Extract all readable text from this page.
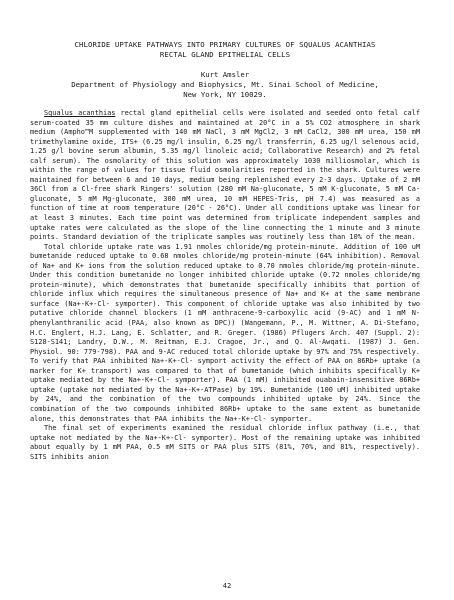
CHLORIDE UPTAKE PATHWAYS INTO PRIMARY CULTURES OF SQUALUS ACANTHIAS

RECTAL GLAND EPITHELIAL CELLS

Kurt Amsler
Department of Physiology and Biophysics, Mt. Sinai School of Medicine,
New York, NY 10029.

Squalus acanthias rectal gland epithelial cells were isolated and seeded onto fetal calf serum-coated 35 mm culture dishes and maintained at 20°C in a 5% CO2 atmosphere in shark medium (Ampho™M supplemented with 140 mM NaCl, 3 mM MgCl2, 3 mM CaCl2, 300 mM urea, 150 mM trimethylamine oxide, ITS+ (6.25 mg/l insulin, 6.25 mg/l transferrin, 6.25 ug/l selenous acid, 1.25 g/l bovine serum albumin, 5.35 mg/l linoleic acid; Collaborative Research) and 2% fetal calf serum). The osmolarity of this solution was approximately 1030 milliosmolar, which is within the range of values for tissue fluid osmolarities reported in the shark. Cultures were maintained for between 6 and 10 days, medium being replenished every 2-3 days. Uptake of 2 mM 36Cl from a Cl-free shark Ringers' solution (280 mM Na-gluconate, 5 mM K-gluconate, 5 mM Ca-gluconate, 5 mM Mg-gluconate, 300 mM urea, 10 mM HEPES-Tris, pH 7.4) was measured as a function of time at room temperature (20°C - 26°C). Under all conditions uptake was linear for at least 3 minutes. Each time point was determined from triplicate independent samples and uptake rates were calculated as the slope of the line connecting the 1 minute and 3 minute points. Standard deviation of the triplicate samples was routinely less than 10% of the mean.

Total chloride uptake rate was 1.91 nmoles chloride/mg protein-minute. Addition of 100 uM bumetanide reduced uptake to 0.68 nmoles chloride/mg protein-minute (64% inhibition). Removal of Na+ and K+ ions from the solution reduced uptake to 0.70 nmoles chloride/mg protein-minute. Under this condition bumetanide no longer inhibited chloride uptake (0.72 nmoles chloride/mg protein-minute), which demonstrates that bumetanide specifically inhibits that portion of chloride influx which requires the simultaneous presence of Na+ and K+ at the same membrane surface (Na+-K+-Cl- symporter). This component of chloride uptake was also inhibited by two putative chloride channel blockers (1 mM anthracene-9-carboxylic acid (9-AC) and 1 mM N-phenylanthranilic acid (PAA, also known as DPC)) (Wangemann, P., M. Wittner, A. Di-Stefano, H.C. Englert, H.J. Lang, E. Schlatter, and R. Greger. (1986) Pflugers Arch. 407 (Suppl. 2): S128-S141; Landry, D.W., M. Reitman, E.J. Cragoe, Jr., and Q. Al-Awqati. (1987) J. Gen. Physiol. 90: 779-798). PAA and 9-AC reduced total chloride uptake by 97% and 75% respectively. To verify that PAA inhibited Na+-K+-Cl- symport activity the effect of PAA on 86Rb+ uptake (a marker for K+ transport) was compared to that of bumetanide (which inhibits specifically K+ uptake mediated by the Na+-K+-Cl- symporter). PAA (1 mM) inhibited ouabain-insensitive 86Rb+ uptake (uptake not mediated by the Na+-K+-ATPase) by 19%. Bumetanide (100 uM) inhibited uptake by 24%, and the combination of the two compounds inhibited uptake by 24%. Since the combination of the two compounds inhibited 86Rb+ uptake to the same extent as bumetanide alone, this demonstrates that PAA inhibits the Na+-K+-Cl- symporter.

The final set of experiments examined the residual chloride influx pathway (i.e., that uptake not mediated by the Na+-K+-Cl- symporter). Most of the remaining uptake was inhibited about equally by 1 mM PAA, 0.5 mM SITS or PAA plus SITS (81%, 70%, and 81%, respectively). SITS inhibits anion

42
